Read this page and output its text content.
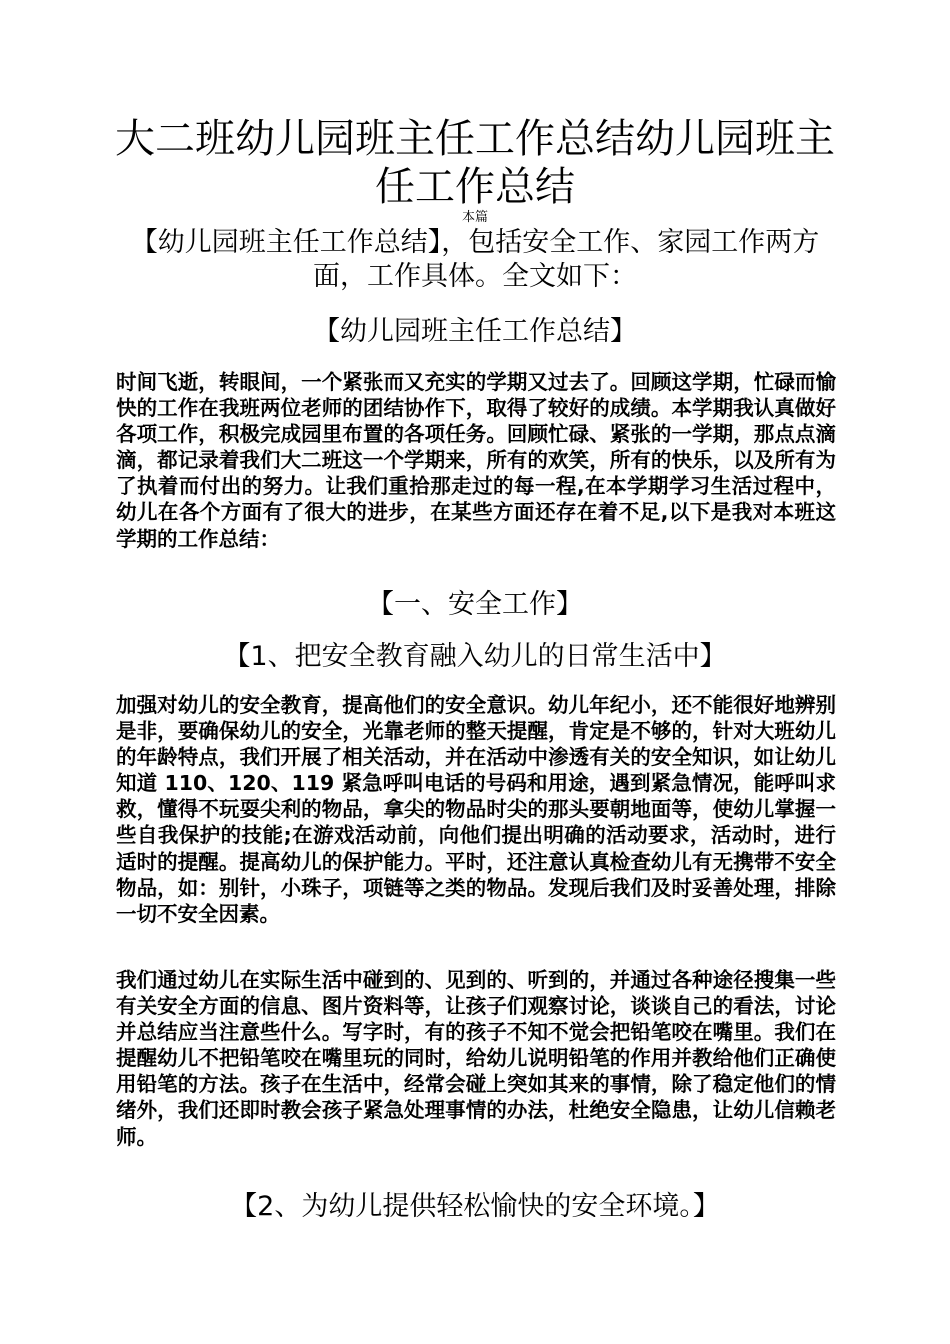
大二班幼儿园班主任工作总结幼儿园班主任工作总结
本篇
【幼儿园班主任工作总结】，包括安全工作、家园工作两方面，工作具体。全文如下：
【幼儿园班主任工作总结】

时间飞逝，转眼间，一个紧张而又充实的学期又过去了。回顾这学期，忙碌而愉快的工作在我班两位老师的团结协作下，取得了较好的成绩。本学期我认真做好各项工作，积极完成园里布置的各项任务。回顾忙碌、紧张的一学期，那点点滴滴，都记录着我们大二班这一个学期来，所有的欢笑，所有的快乐，以及所有为了执着而付出的努力。让我们重拾那走过的每一程,在本学期学习生活过程中，幼儿在各个方面有了很大的进步，在某些方面还存在着不足,以下是我对本班这学期的工作总结：

【一、安全工作】
【1、把安全教育融入幼儿的日常生活中】

加强对幼儿的安全教育，提高他们的安全意识。幼儿年纪小，还不能很好地辨别是非，要确保幼儿的安全，光靠老师的整天提醒，肯定是不够的，针对大班幼儿的年龄特点，我们开展了相关活动，并在活动中渗透有关的安全知识，如让幼儿知道 110、120、119 紧急呼叫电话的号码和用途，遇到紧急情况，能呼叫求救，懂得不玩耍尖利的物品，拿尖的物品时尖的那头要朝地面等，使幼儿掌握一些自我保护的技能;在游戏活动前，向他们提出明确的活动要求，活动时，进行适时的提醒。提高幼儿的保护能力。平时，还注意认真检查幼儿有无携带不安全物品，如：别针，小珠子，项链等之类的物品。发现后我们及时妥善处理，排除一切不安全因素。

我们通过幼儿在实际生活中碰到的、见到的、听到的，并通过各种途径搜集一些有关安全方面的信息、图片资料等，让孩子们观察讨论，谈谈自己的看法，讨论并总结应当注意些什么。写字时，有的孩子不知不觉会把铅笔咬在嘴里。我们在提醒幼儿不把铅笔咬在嘴里玩的同时，给幼儿说明铅笔的作用并教给他们正确使用铅笔的方法。孩子在生活中，经常会碰上突如其来的事情，除了稳定他们的情绪外，我们还即时教会孩子紧急处理事情的办法，杜绝安全隐患，让幼儿信赖老师。

【2、为幼儿提供轻松愉快的安全环境。】
